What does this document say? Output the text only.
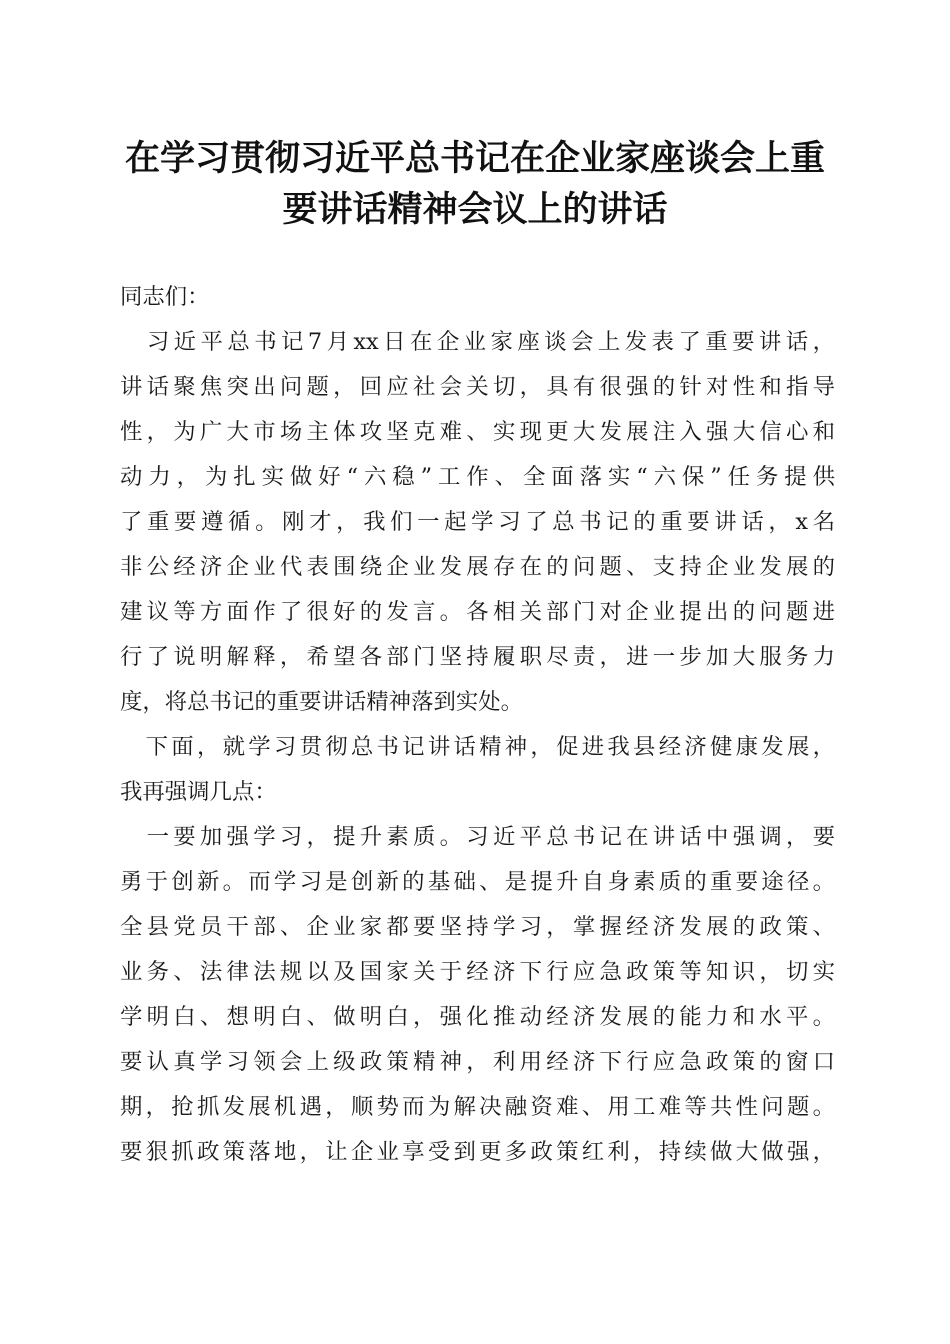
在学习贯彻习近平总书记在企业家座谈会上重
要讲话精神会议上的讲话
同志们：
　习近平总书记7月xx日在企业家座谈会上发表了重要讲话，
讲话聚焦突出问题，回应社会关切，具有很强的针对性和指导
性，为广大市场主体攻坚克难、实现更大发展注入强大信心和
动力，为扎实做好“六稳”工作、全面落实“六保”任务提供
了重要遵循。刚才，我们一起学习了总书记的重要讲话，x名
非公经济企业代表围绕企业发展存在的问题、支持企业发展的
建议等方面作了很好的发言。各相关部门对企业提出的问题进
行了说明解释，希望各部门坚持履职尽责，进一步加大服务力
度，将总书记的重要讲话精神落到实处。
　下面，就学习贯彻总书记讲话精神，促进我县经济健康发展，
我再强调几点：
　一要加强学习，提升素质。习近平总书记在讲话中强调，要
勇于创新。而学习是创新的基础、是提升自身素质的重要途径。
全县党员干部、企业家都要坚持学习，掌握经济发展的政策、
业务、法律法规以及国家关于经济下行应急政策等知识，切实
学明白、想明白、做明白，强化推动经济发展的能力和水平。
要认真学习领会上级政策精神，利用经济下行应急政策的窗口
期，抢抓发展机遇，顺势而为解决融资难、用工难等共性问题。
要狠抓政策落地，让企业享受到更多政策红利，持续做大做强，
